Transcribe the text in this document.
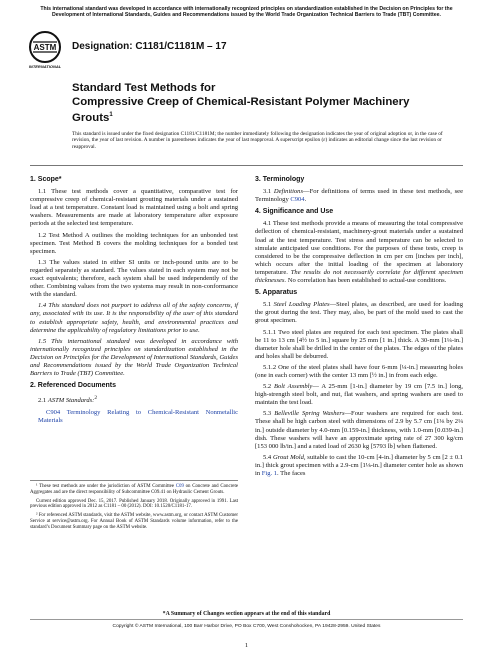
This international standard was developed in accordance with internationally recognized principles on standardization established in the Decision on Principles for the Development of International Standards, Guides and Recommendations issued by the World Trade Organization Technical Barriers to Trade (TBT) Committee.
ASTM
INTERNATIONAL
Designation: C1181/C1181M – 17
Standard Test Methods for
Compressive Creep of Chemical-Resistant Polymer Machinery Grouts$^1$
This standard is issued under the fixed designation C1181/C1181M; the number immediately following the designation indicates the year of original adoption or, in the case of revision, the year of last revision. A number in parentheses indicates the year of last reapproval. A superscript epsilon (ε) indicates an editorial change since the last revision or reapproval.

1. Scope*

1.1 These test methods cover a quantitative, comparative test for compressive creep of chemical-resistant grouting materials under a sustained load at a test temperature. Constant load is maintained using a bolt and spring washers. Measurements are made at laboratory temperature after exposure periods at the selected test temperature.

1.2 Test Method A outlines the molding techniques for an unbonded test specimen. Test Method B covers the molding techniques for a bonded test specimen.

1.3 The values stated in either SI units or inch-pound units are to be regarded separately as standard. The values stated in each system may not be exact equivalents; therefore, each system shall be used independently of the other. Combining values from the two systems may result in non-conformance with the standard.

1.4 This standard does not purport to address all of the safety concerns, if any, associated with its use. It is the responsibility of the user of this standard to establish appropriate safety, health, and environmental practices and determine the applicability of regulatory limitations prior to use.

1.5 This international standard was developed in accordance with internationally recognized principles on standardization established in the Decision on Principles for the Development of International Standards, Guides and Recommendations issued by the World Trade Organization Technical Barriers to Trade (TBT) Committee.

2. Referenced Documents

2.1 ASTM Standards:$^2$

C904 Terminology Relating to Chemical-Resistant Nonmetallic Materials

3. Terminology

3.1 Definitions—For definitions of terms used in these test methods, see Terminology C904.

4. Significance and Use

4.1 These test methods provide a means of measuring the total compressive deflection of chemical-resistant, machinery-grout materials under a sustained load at the test temperature. Test stress and temperature can be selected to simulate anticipated use conditions. For the purposes of these tests, creep is considered to be the compressive deflection in cm per cm [inches per inch], which occurs after the initial loading of the specimen at laboratory temperature. The results do not necessarily correlate for different specimen thicknesses. No correlation has been established to actual-use conditions.

5. Apparatus

5.1 Steel Loading Plates—Steel plates, as described, are used for loading the grout during the test. They may, also, be part of the mold used to cast the grout specimen.

5.1.1 Two steel plates are required for each test specimen. The plates shall be 11 to 13 cm [4½ to 5 in.] square by 25 mm [1 in.] thick. A 30-mm [1¼-in.] diameter hole shall be drilled in the center of the plates. The edges of the plates and holes shall be deburred.

5.1.2 One of the steel plates shall have four 6-mm [¼-in.] measuring holes (one in each corner) with the center 13 mm [½ in.] in from each edge.

5.2 Bolt Assembly— A 25-mm [1-in.] diameter by 19 cm [7.5 in.] long, high-strength steel bolt, and nut, flat washers, and spring washers are used to maintain the test load.

5.3 Belleville Spring Washers—Four washers are required for each test. These shall be high carbon steel with dimensions of 2.9 by 5.7 cm [1⅛ by 2¼ in.] outside diameter by 4.0-mm [0.159-in.] thickness, with 1.0-mm [0.039-in.] dish. These washers will have an approximate spring rate of 27 300 kg/cm [153 000 lb/in.] and a rated load of 2630 kg [5793 lb] when flattened.

5.4 Grout Mold, suitable to cast the 10-cm [4-in.] diameter by 5 cm [2 ± 0.1 in.] thick grout specimen with a 2.9-cm [1⅛-in.] diameter center hole as shown in Fig. 1. The faces

¹ These test methods are under the jurisdiction of ASTM Committee C09 on Concrete and Concrete Aggregates and are the direct responsibility of Subcommittee C09.41 on Hydraulic Cement Grouts.

Current edition approved Dec. 15, 2017. Published January 2018. Originally approved in 1991. Last previous edition approved in 2012 as C1181 – 00 (2012). DOI: 10.1520/C1181-17.

² For referenced ASTM standards, visit the ASTM website, www.astm.org, or contact ASTM Customer Service at service@astm.org. For Annual Book of ASTM Standards volume information, refer to the standard’s Document Summary page on the ASTM website.

*A Summary of Changes section appears at the end of this standard
Copyright © ASTM International, 100 Barr Harbor Drive, PO Box C700, West Conshohocken, PA 19428-2959. United States
1
